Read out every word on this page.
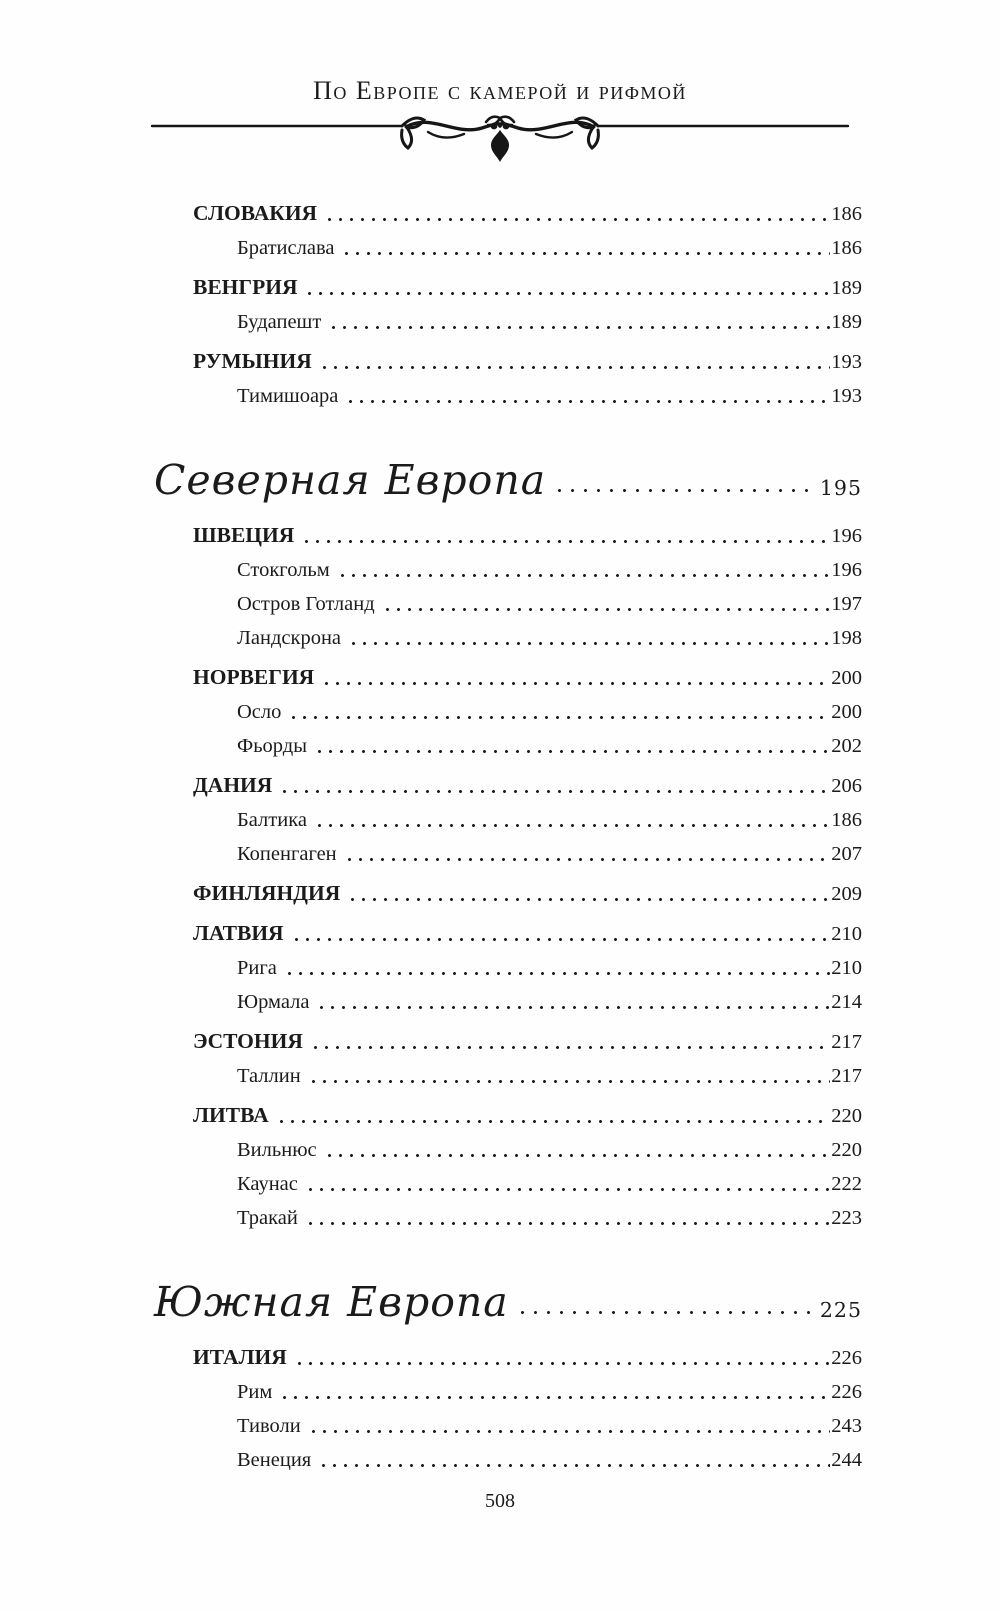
По Европе с камерой и рифмой
СЛОВАКИЯ	186
Братислава	186
ВЕНГРИЯ	189
Будапешт	189
РУМЫНИЯ	193
Тимишоара	193
Северная Европа	195
ШВЕЦИЯ	196
Стокгольм	196
Остров Готланд	197
Ландскрона	198
НОРВЕГИЯ	200
Осло	200
Фьорды	202
ДАНИЯ	206
Балтика	186
Копенгаген	207
ФИНЛЯНДИЯ	209
ЛАТВИЯ	210
Рига	210
Юрмала	214
ЭСТОНИЯ	217
Таллин	217
ЛИТВА	220
Вильнюс	220
Каунас	222
Тракай	223
Южная Европа	225
ИТАЛИЯ	226
Рим	226
Тиволи	243
Венеция	244
508
